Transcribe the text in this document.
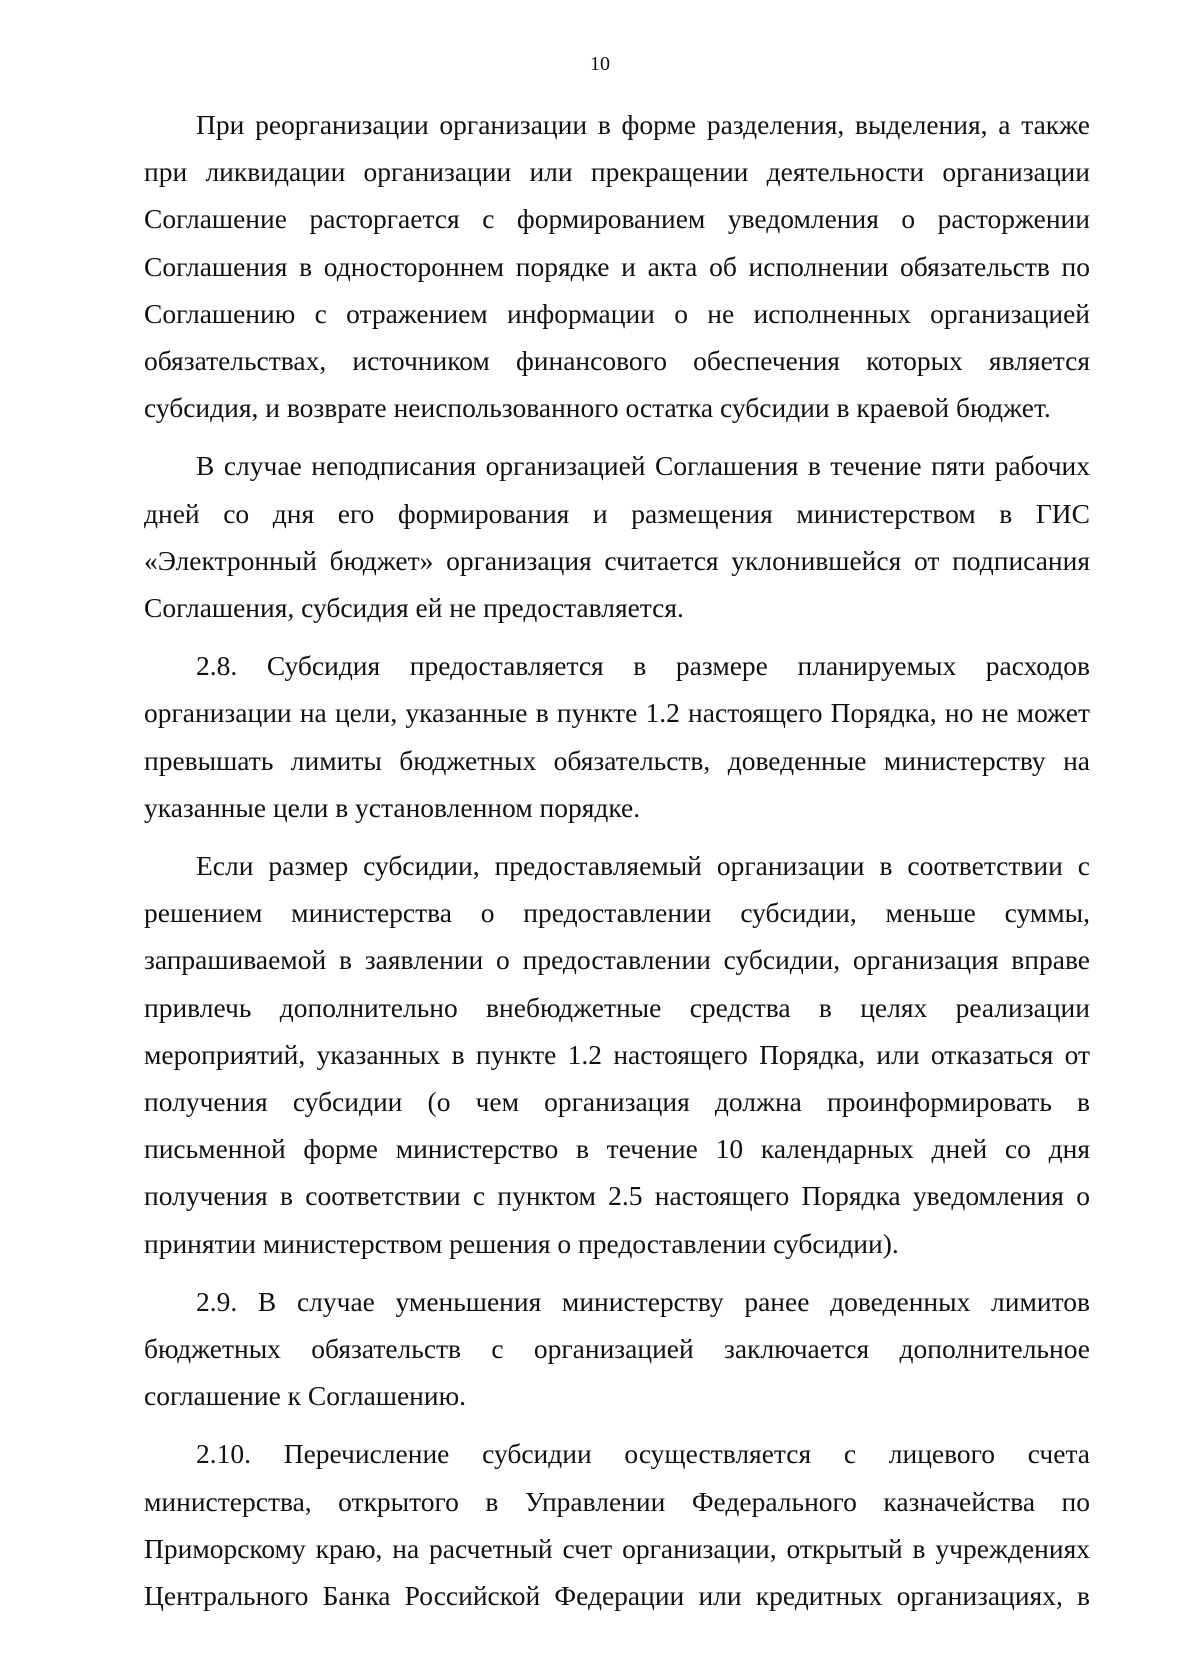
10

При реорганизации организации в форме разделения, выделения, а также при ликвидации организации или прекращении деятельности организации Соглашение расторгается с формированием уведомления о расторжении Соглашения в одностороннем порядке и акта об исполнении обязательств по Соглашению с отражением информации о не исполненных организацией обязательствах, источником финансового обеспечения которых является субсидия, и возврате неиспользованного остатка субсидии в краевой бюджет.

В случае неподписания организацией Соглашения в течение пяти рабочих дней со дня его формирования и размещения министерством в ГИС «Электронный бюджет» организация считается уклонившейся от подписания Соглашения, субсидия ей не предоставляется.

2.8. Субсидия предоставляется в размере планируемых расходов организации на цели, указанные в пункте 1.2 настоящего Порядка, но не может превышать лимиты бюджетных обязательств, доведенные министерству на указанные цели в установленном порядке.

Если размер субсидии, предоставляемый организации в соответствии с решением министерства о предоставлении субсидии, меньше суммы, запрашиваемой в заявлении о предоставлении субсидии, организация вправе привлечь дополнительно внебюджетные средства в целях реализации мероприятий, указанных в пункте 1.2 настоящего Порядка, или отказаться от получения субсидии (о чем организация должна проинформировать в письменной форме министерство в течение 10 календарных дней со дня получения в соответствии с пунктом 2.5 настоящего Порядка уведомления о принятии министерством решения о предоставлении субсидии).

2.9. В случае уменьшения министерству ранее доведенных лимитов бюджетных обязательств с организацией заключается дополнительное соглашение к Соглашению.

2.10. Перечисление субсидии осуществляется с лицевого счета министерства, открытого в Управлении Федерального казначейства по Приморскому краю, на расчетный счет организации, открытый в учреждениях Центрального Банка Российской Федерации или кредитных организациях, в
